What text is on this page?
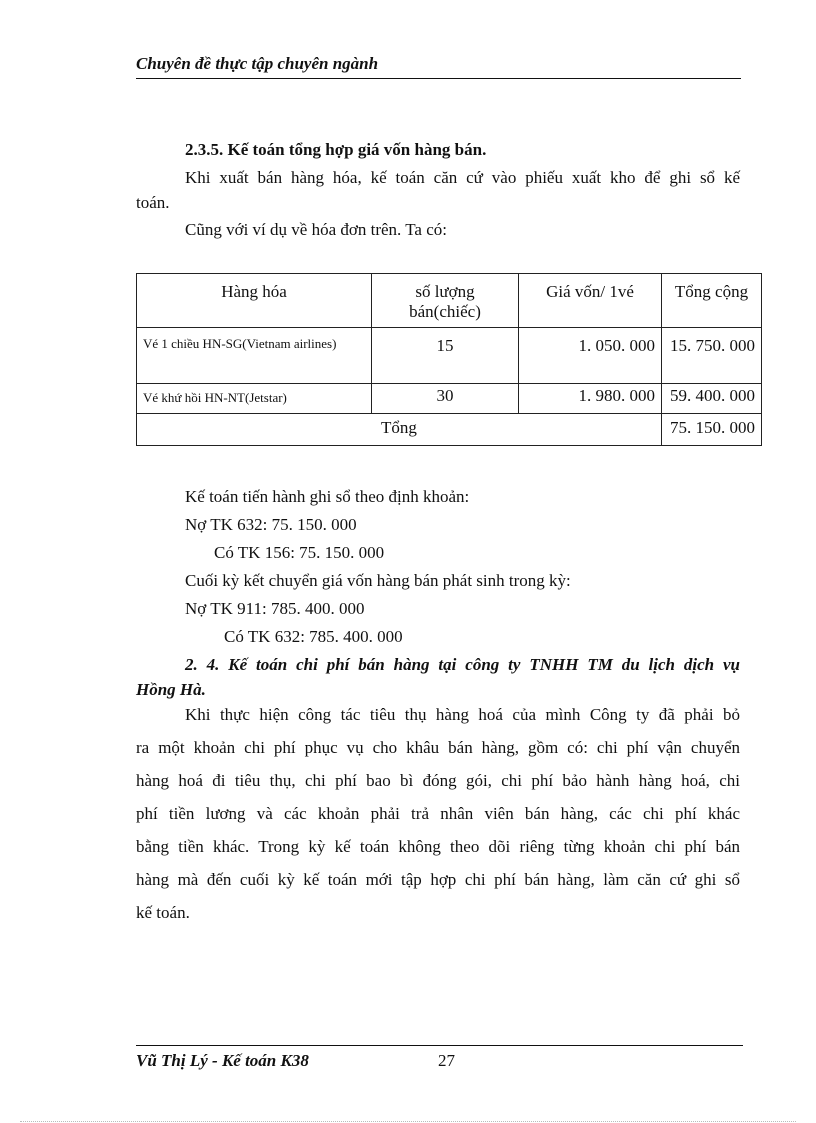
Chuyên đề thực tập chuyên ngành
2.3.5. Kế toán tổng hợp giá vốn hàng bán.
Khi xuất bán hàng hóa, kế toán căn cứ vào phiếu xuất kho để ghi sổ kế
toán.
Cũng với ví dụ về hóa đơn trên. Ta có:
Hàng hóa	số lượng bán(chiếc)	Giá vốn/ 1vé	Tổng cộng
Vé 1 chiều HN-SG(Vietnam airlines)	15	1. 050. 000	15. 750. 000
Vé khứ hồi HN-NT(Jetstar)	30	1. 980. 000	59. 400. 000
Tổng			75. 150. 000
Kế toán tiến hành ghi sổ theo định khoản:
Nợ TK 632: 75. 150. 000
Có TK 156: 75. 150. 000
Cuối kỳ kết chuyển giá vốn hàng bán phát sinh trong kỳ:
Nợ TK 911: 785. 400. 000
Có TK 632: 785. 400. 000
2. 4. Kế toán chi phí bán hàng tại công ty TNHH TM du lịch dịch vụ
Hồng Hà.
Khi thực hiện công tác tiêu thụ hàng hoá của mình Công ty đã phải bỏ
ra một khoản chi phí phục vụ cho khâu bán hàng, gồm có: chi phí vận chuyển
hàng hoá đi tiêu thụ, chi phí bao bì đóng gói, chi phí bảo hành hàng hoá, chi
phí tiền lương và các khoản phải trả nhân viên bán hàng, các chi phí khác
bằng tiền khác. Trong kỳ kế toán không theo dõi riêng từng khoản chi phí bán
hàng mà đến cuối kỳ kế toán mới tập hợp chi phí bán hàng, làm căn cứ ghi sổ
kế toán.
Vũ Thị Lý - Kế toán K38	27
